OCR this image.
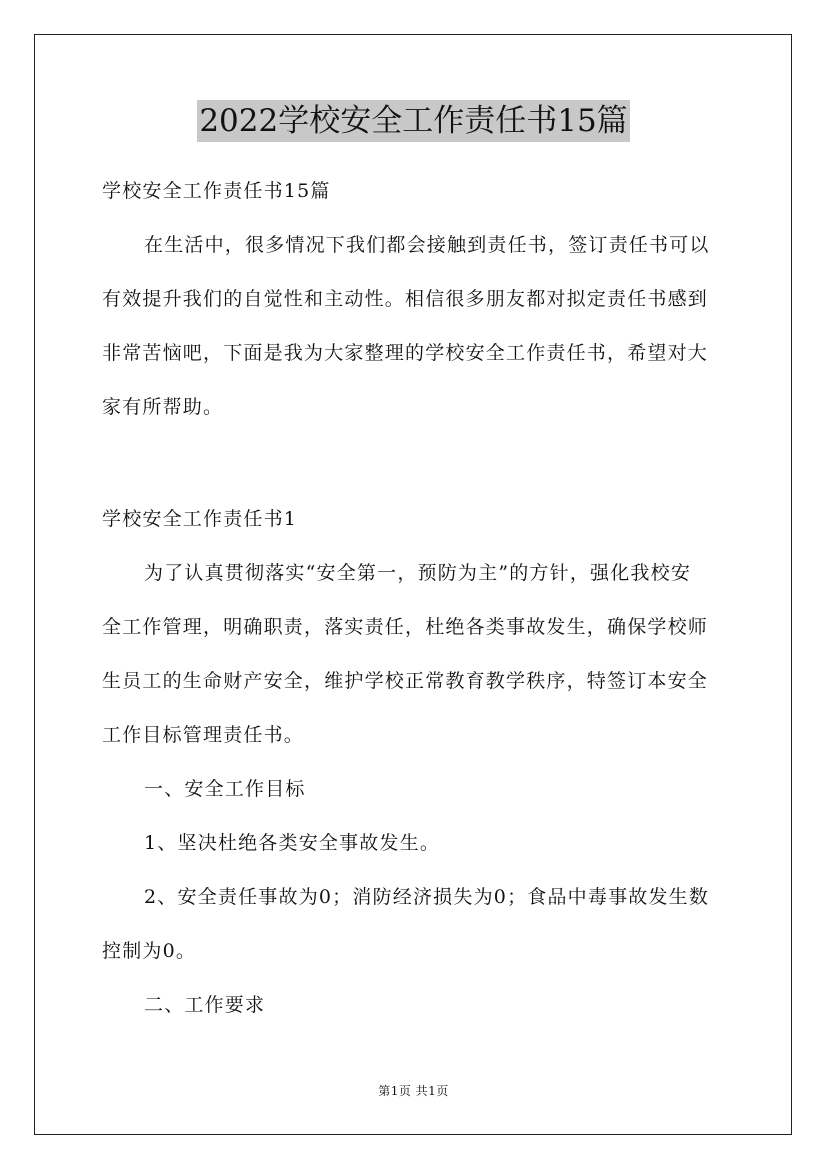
2022学校安全工作责任书15篇

学校安全工作责任书15篇

在生活中，很多情况下我们都会接触到责任书，签订责任书可以

有效提升我们的自觉性和主动性。相信很多朋友都对拟定责任书感到

非常苦恼吧，下面是我为大家整理的学校安全工作责任书，希望对大

家有所帮助。

学校安全工作责任书1

为了认真贯彻落实“安全第一，预防为主”的方针，强化我校安

全工作管理，明确职责，落实责任，杜绝各类事故发生，确保学校师

生员工的生命财产安全，维护学校正常教育教学秩序，特签订本安全

工作目标管理责任书。

一、安全工作目标

1、坚决杜绝各类安全事故发生。

2、安全责任事故为0；消防经济损失为0；食品中毒事故发生数

控制为0。

二、工作要求

第1页 共1页
